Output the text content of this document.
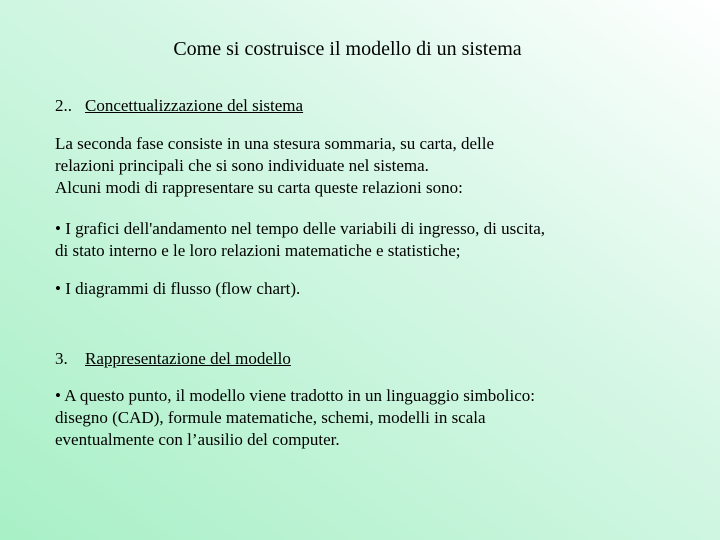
Come si costruisce il modello di un sistema
2.. Concettualizzazione del sistema
La seconda fase consiste in una stesura sommaria, su carta, delle
relazioni principali che si sono individuate nel sistema.
Alcuni modi di rappresentare su carta queste relazioni sono:
• I grafici dell'andamento nel tempo delle variabili di ingresso, di uscita,
di stato interno e le loro relazioni matematiche e statistiche;
• I diagrammi di flusso (flow chart).
3. Rappresentazione del modello
• A questo punto, il modello viene tradotto in un linguaggio simbolico:
disegno (CAD), formule matematiche, schemi, modelli in scala
eventualmente con l’ausilio del computer.
